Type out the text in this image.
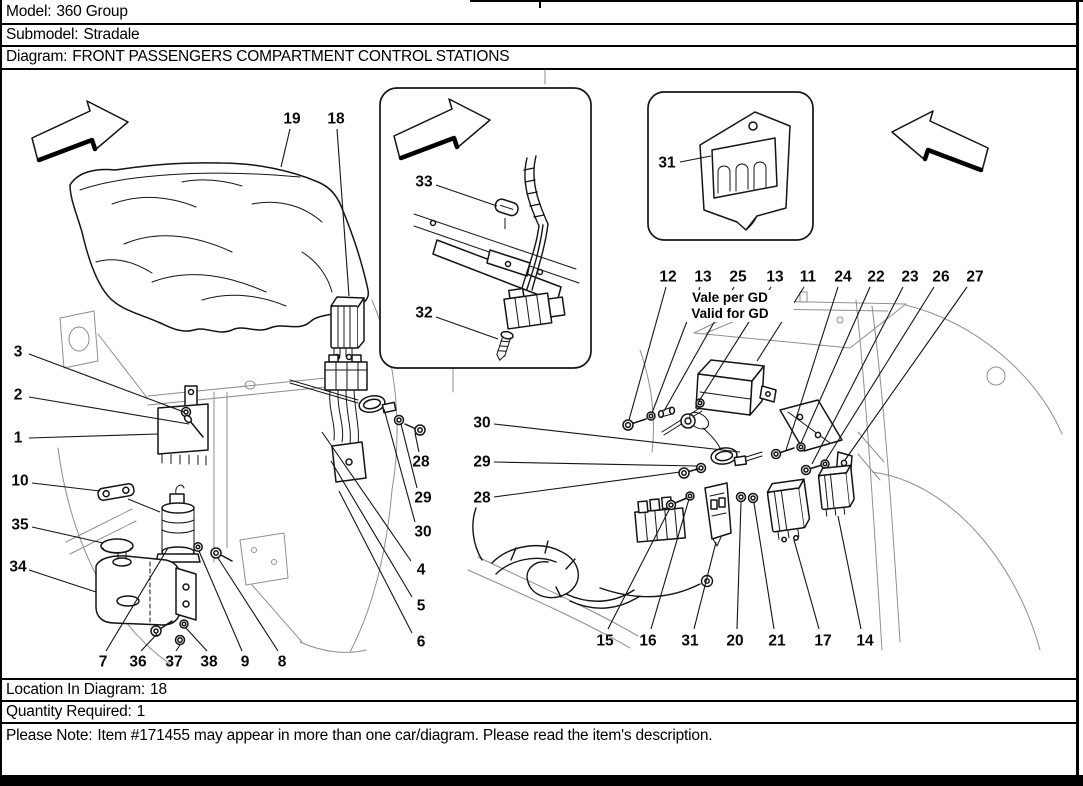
Model: 360 Group
Submodel: Stradale
Diagram: FRONT PASSENGERS COMPARTMENT CONTROL STATIONS
19 18
3
2
1
10
35
34
7 36 37 38 9 8
28
29
30
4
5
6
33
32
31
12 13 25 13 11 24 22 23 26 27
30
29
28
15 16 31 20 21 17 14
Vale per GD
Valid for GD
Location In Diagram: 18
Quantity Required: 1
Please Note: Item #171455 may appear in more than one car/diagram. Please read the item's description.
